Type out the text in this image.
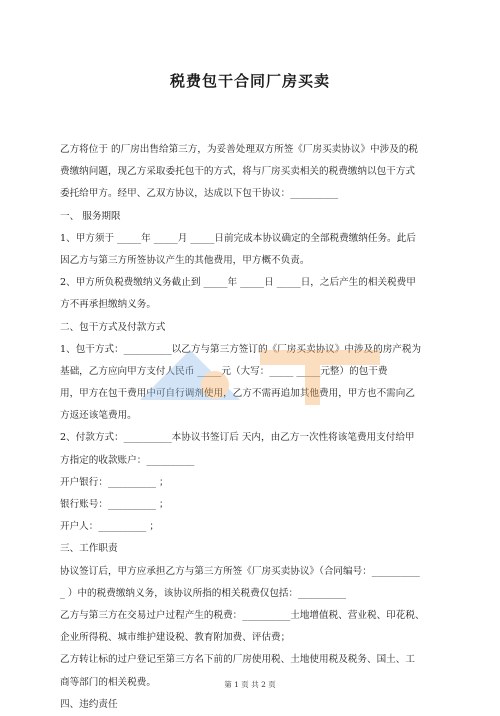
税费包干合同厂房买卖
乙方将位于 的厂房出售给第三方，为妥善处理双方所签《厂房买卖协议》中涉及的税
费缴纳问题，现乙方采取委托包干的方式，将与厂房买卖相关的税费缴纳以包干方式
委托给甲方。经甲、乙双方协议，达成以下包干协议：__________
一、 服务期限
1、甲方须于 _____年 _____月 _____日前完成本协议确定的全部税费缴纳任务。此后
因乙方与第三方所签协议产生的其他费用，甲方概不负责。
2、甲方所负税费缴纳义务截止到 _____年 _____日 _____日，之后产生的相关税费甲
方不再承担缴纳义务。
二、包干方式及付款方式
1、包干方式：__________以乙方与第三方签订的《厂房买卖协议》中涉及的房产税为
基础，乙方应向甲方支付人民币 _____元（大写：_____ _____元整）的包干费
用，甲方在包干费用中可自行调剂使用，乙方不需再追加其他费用，甲方也不需向乙
方返还该笔费用。
2、付款方式：__________本协议书签订后 天内，由乙方一次性将该笔费用支付给甲
方指定的收款账户：__________
开户银行：__________ ；
银行账号：__________ ；
开户人：__________ ；
三、工作职责
协议签订后，甲方应承担乙方与第三方所签《厂房买卖协议》（合同编号：__________
_ ）中的税费缴纳义务，该协议所指的相关税费仅包括：__________
乙方与第三方在交易过户过程产生的税费：__________土地增值税、营业税、印花税、
企业所得税、城市维护建设税、教育附加费、评估费；
乙方转让标的过户登记至第三方名下前的厂房使用税、土地使用税及税务、国土、工
商等部门的相关税费。
四、违约责任
第 1 页 共 2 页
